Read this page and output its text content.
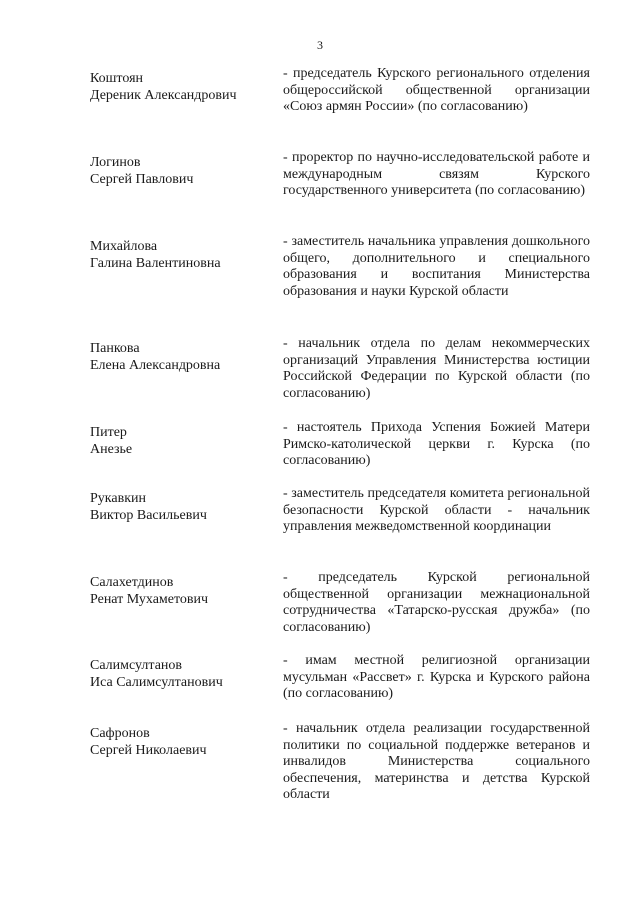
3
Коштоян
Дереник Александрович
- председатель Курского регионального отделения общероссийской общественной организации «Союз армян России» (по согласованию)
Логинов
Сергей Павлович
- проректор по научно-исследовательской работе и международным связям Курского государственного университета (по согласованию)
Михайлова
Галина Валентиновна
- заместитель начальника управления дошкольного общего, дополнительного и специального образования и воспитания Министерства образования и науки Курской области
Панкова
Елена Александровна
- начальник отдела по делам некоммерческих организаций Управления Министерства юстиции Российской Федерации по Курской области (по согласованию)
Питер
Анезье
- настоятель Прихода Успения Божией Матери Римско-католической церкви г. Курска (по согласованию)
Рукавкин
Виктор Васильевич
- заместитель председателя комитета региональной безопасности Курской области - начальник управления межведомственной координации
Салахетдинов
Ренат Мухаметович
- председатель Курской региональной общественной организации межнациональной сотрудничества «Татарско-русская дружба» (по согласованию)
Салимсултанов
Иса Салимсултанович
- имам местной религиозной организации мусульман «Рассвет» г. Курска и Курского района (по согласованию)
Сафронов
Сергей Николаевич
- начальник отдела реализации государственной политики по социальной поддержке ветеранов и инвалидов Министерства социального обеспечения, материнства и детства Курской области
